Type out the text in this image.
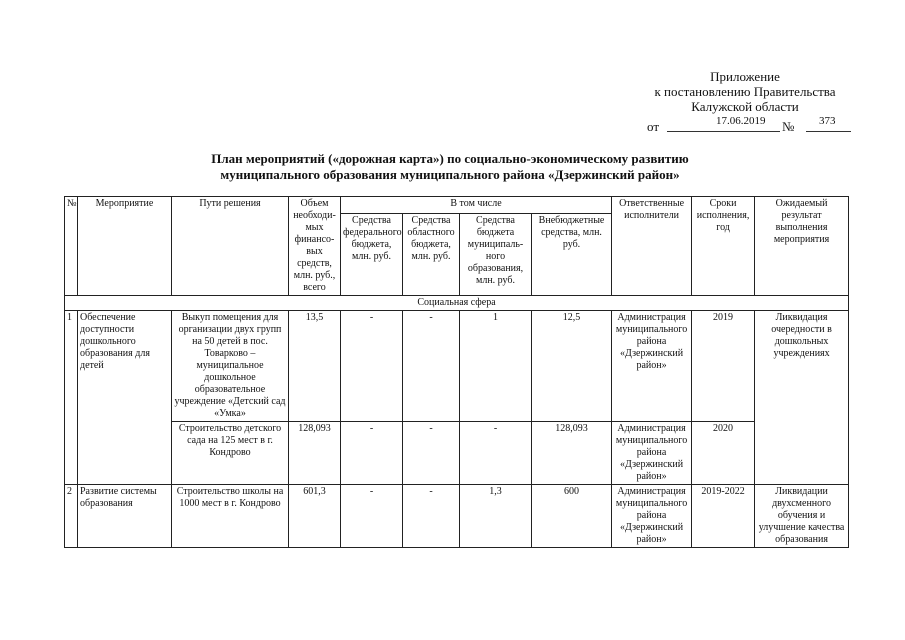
Приложение
к постановлению Правительства
Калужской области
от	17.06.2019 № 373
План мероприятий («дорожная карта») по социально-экономическому развитию
муниципального образования муниципального района «Дзержинский район»
№	Мероприятие	Пути решения	Объем необходи-мых финансо-вых средств, млн. руб., всего	В том числе				Ответственные исполнители	Сроки исполнения, год	Ожидаемый результат выполнения мероприятия
				Средства федерального бюджета, млн. руб.	Средства областного бюджета, млн. руб.	Средства бюджета муниципаль-ного образования, млн. руб.	Внебюджетные средства, млн. руб.			
Социальная сфера										
1	Обеспечение доступности дошкольного образования для детей	Выкуп помещения для организации двух групп на 50 детей в пос. Товарково – муниципальное дошкольное образовательное учреждение «Детский сад «Умка»	13,5	-	-	1	12,5	Администрация муниципального района «Дзержинский район»	2019	Ликвидация очередности в дошкольных учреждениях
		Строительство детского сада на 125 мест в г. Кондрово	128,093	-	-	-	128,093	Администрация муниципального района «Дзержинский район»	2020	
2	Развитие системы образования	Строительство школы на 1000 мест в г. Кондрово	601,3	-	-	1,3	600	Администрация муниципального района «Дзержинский район»	2019-2022	Ликвидации двухсменного обучения и улучшение качества образования
